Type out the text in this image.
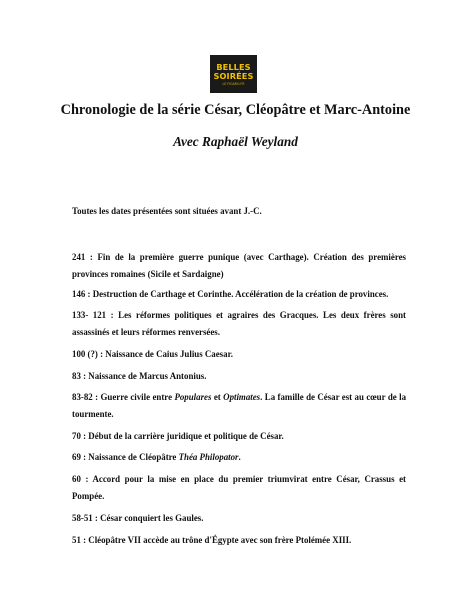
BELLES
SOIRÉES
LE FIGARO.FR
Chronologie de la série César, Cléopâtre et Marc-Antoine
Avec Raphaël Weyland
Toutes les dates présentées sont situées avant J.-C.

241 : Fin de la première guerre punique (avec Carthage). Création des premières provinces romaines (Sicile et Sardaigne)

146 : Destruction de Carthage et Corinthe. Accélération de la création de provinces.

133- 121 : Les réformes politiques et agraires des Gracques. Les deux frères sont assassinés et leurs réformes renversées.

100 (?) : Naissance de Caius Julius Caesar.

83 : Naissance de Marcus Antonius.

83-82 : Guerre civile entre Populares et Optimates. La famille de César est au cœur de la tourmente.

70 : Début de la carrière juridique et politique de César.

69 : Naissance de Cléopâtre Théa Philopator.

60 : Accord pour la mise en place du premier triumvirat entre César, Crassus et Pompée.

58-51 : César conquiert les Gaules.

51 : Cléopâtre VII accède au trône d'Égypte avec son frère Ptolémée XIII.
